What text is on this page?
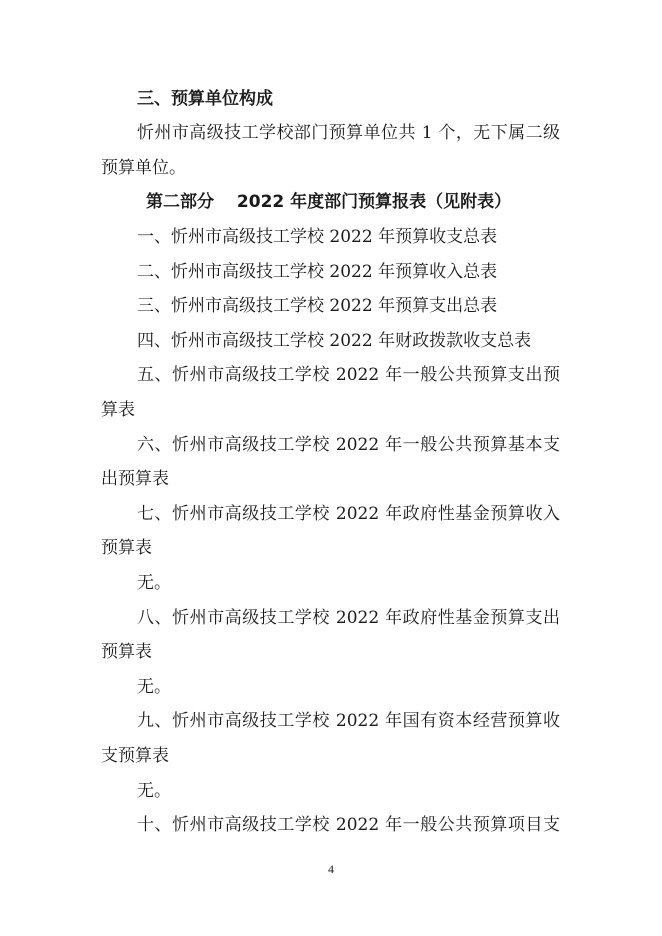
三、预算单位构成

忻州市高级技工学校部门预算单位共 1 个，无下属二级

预算单位。

第二部分　 2022 年度部门预算报表（见附表）

一、忻州市高级技工学校 2022 年预算收支总表

二、忻州市高级技工学校 2022 年预算收入总表

三、忻州市高级技工学校 2022 年预算支出总表

四、忻州市高级技工学校 2022 年财政拨款收支总表

五、忻州市高级技工学校 2022 年一般公共预算支出预

算表

六、忻州市高级技工学校 2022 年一般公共预算基本支

出预算表

七、忻州市高级技工学校 2022 年政府性基金预算收入

预算表

无。

八、忻州市高级技工学校 2022 年政府性基金预算支出

预算表

无。

九、忻州市高级技工学校 2022 年国有资本经营预算收

支预算表

无。

十、忻州市高级技工学校 2022 年一般公共预算项目支

4
